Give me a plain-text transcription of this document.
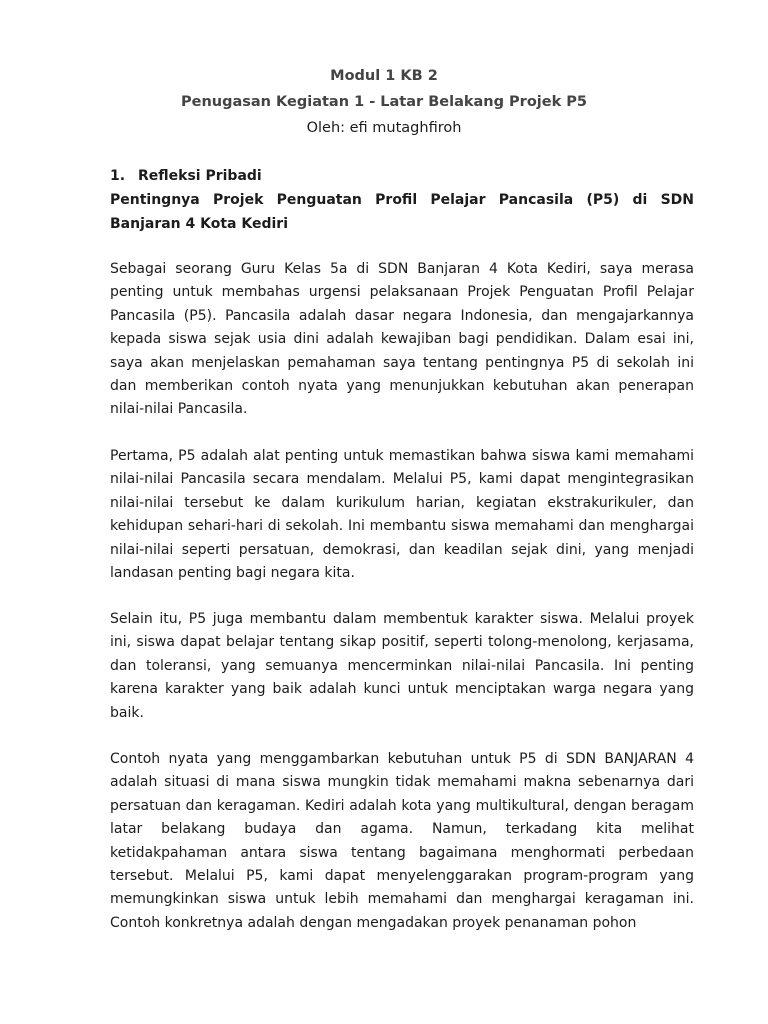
Modul 1 KB 2
Penugasan Kegiatan 1 - Latar Belakang Projek P5
Oleh: efi mutaghfiroh
1. Refleksi Pribadi
Pentingnya Projek Penguatan Profil Pelajar Pancasila (P5) di SDN Banjaran 4 Kota Kediri

Sebagai seorang Guru Kelas 5a di SDN Banjaran 4 Kota Kediri, saya merasa penting untuk membahas urgensi pelaksanaan Projek Penguatan Profil Pelajar Pancasila (P5). Pancasila adalah dasar negara Indonesia, dan mengajarkannya kepada siswa sejak usia dini adalah kewajiban bagi pendidikan. Dalam esai ini, saya akan menjelaskan pemahaman saya tentang pentingnya P5 di sekolah ini dan memberikan contoh nyata yang menunjukkan kebutuhan akan penerapan nilai-nilai Pancasila.

Pertama, P5 adalah alat penting untuk memastikan bahwa siswa kami memahami nilai-nilai Pancasila secara mendalam. Melalui P5, kami dapat mengintegrasikan nilai-nilai tersebut ke dalam kurikulum harian, kegiatan ekstrakurikuler, dan kehidupan sehari-hari di sekolah. Ini membantu siswa memahami dan menghargai nilai-nilai seperti persatuan, demokrasi, dan keadilan sejak dini, yang menjadi landasan penting bagi negara kita.

Selain itu, P5 juga membantu dalam membentuk karakter siswa. Melalui proyek ini, siswa dapat belajar tentang sikap positif, seperti tolong-menolong, kerjasama, dan toleransi, yang semuanya mencerminkan nilai-nilai Pancasila. Ini penting karena karakter yang baik adalah kunci untuk menciptakan warga negara yang baik.

Contoh nyata yang menggambarkan kebutuhan untuk P5 di SDN BANJARAN 4 adalah situasi di mana siswa mungkin tidak memahami makna sebenarnya dari persatuan dan keragaman. Kediri adalah kota yang multikultural, dengan beragam latar belakang budaya dan agama. Namun, terkadang kita melihat ketidakpahaman antara siswa tentang bagaimana menghormati perbedaan tersebut. Melalui P5, kami dapat menyelenggarakan program-program yang memungkinkan siswa untuk lebih memahami dan menghargai keragaman ini. Contoh konkretnya adalah dengan mengadakan proyek penanaman pohon
